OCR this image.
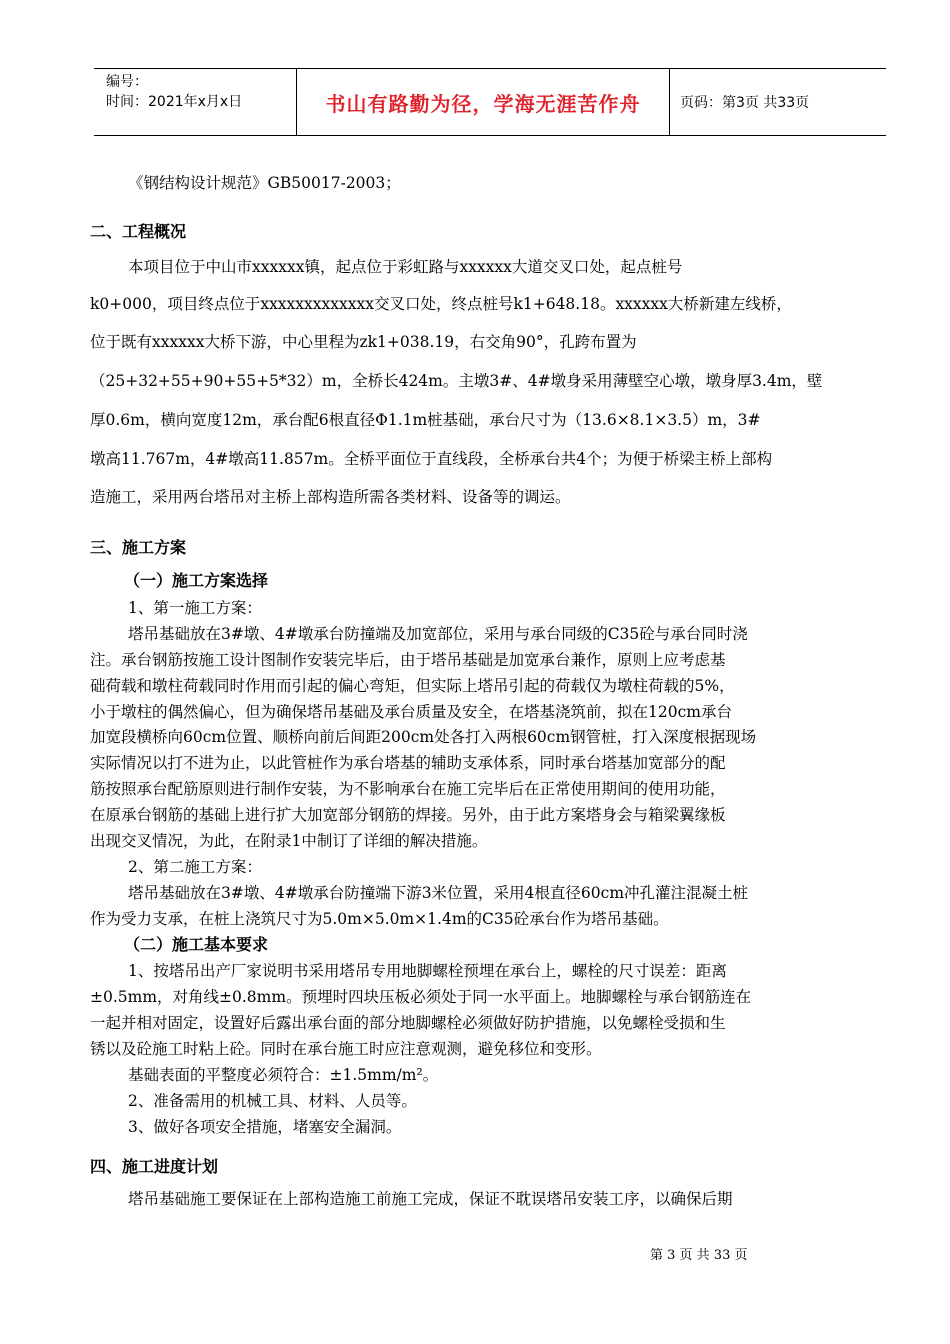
编号：
时间：2021年x月x日	书山有路勤为径，学海无涯苦作舟	页码：第3页 共33页
《钢结构设计规范》GB50017-2003；
二、工程概况
本项目位于中山市xxxxxx镇，起点位于彩虹路与xxxxxx大道交叉口处，起点桩号
k0+000，项目终点位于xxxxxxxxxxxxx交叉口处，终点桩号k1+648.18。xxxxxx大桥新建左线桥，
位于既有xxxxxx大桥下游，中心里程为zk1+038.19，右交角90°，孔跨布置为
（25+32+55+90+55+5*32）m，全桥长424m。主墩3#、4#墩身采用薄壁空心墩，墩身厚3.4m，壁
厚0.6m，横向宽度12m，承台配6根直径Φ1.1m桩基础，承台尺寸为（13.6×8.1×3.5）m，3#
墩高11.767m，4#墩高11.857m。全桥平面位于直线段，全桥承台共4个；为便于桥梁主桥上部构
造施工，采用两台塔吊对主桥上部构造所需各类材料、设备等的调运。
三、施工方案
（一）施工方案选择
1、第一施工方案：
塔吊基础放在3#墩、4#墩承台防撞端及加宽部位，采用与承台同级的C35砼与承台同时浇
注。承台钢筋按施工设计图制作安装完毕后，由于塔吊基础是加宽承台兼作，原则上应考虑基
础荷载和墩柱荷载同时作用而引起的偏心弯矩，但实际上塔吊引起的荷载仅为墩柱荷载的5%，
小于墩柱的偶然偏心，但为确保塔吊基础及承台质量及安全，在塔基浇筑前，拟在120cm承台
加宽段横桥向60cm位置、顺桥向前后间距200cm处各打入两根60cm钢管桩，打入深度根据现场
实际情况以打不进为止，以此管桩作为承台塔基的辅助支承体系，同时承台塔基加宽部分的配
筋按照承台配筋原则进行制作安装，为不影响承台在施工完毕后在正常使用期间的使用功能，
在原承台钢筋的基础上进行扩大加宽部分钢筋的焊接。另外，由于此方案塔身会与箱梁翼缘板
出现交叉情况，为此，在附录1中制订了详细的解决措施。
2、第二施工方案：
塔吊基础放在3#墩、4#墩承台防撞端下游3米位置，采用4根直径60cm冲孔灌注混凝土桩
作为受力支承，在桩上浇筑尺寸为5.0m×5.0m×1.4m的C35砼承台作为塔吊基础。
（二）施工基本要求
1、按塔吊出产厂家说明书采用塔吊专用地脚螺栓预埋在承台上，螺栓的尺寸误差：距离
±0.5mm，对角线±0.8mm。预埋时四块压板必须处于同一水平面上。地脚螺栓与承台钢筋连在
一起并相对固定，设置好后露出承台面的部分地脚螺栓必须做好防护措施，以免螺栓受损和生
锈以及砼施工时粘上砼。同时在承台施工时应注意观测，避免移位和变形。
基础表面的平整度必须符合：±1.5mm/m²。
2、准备需用的机械工具、材料、人员等。
3、做好各项安全措施，堵塞安全漏洞。
四、施工进度计划
塔吊基础施工要保证在上部构造施工前施工完成，保证不耽误塔吊安装工序，以确保后期
第 3 页 共 33 页
